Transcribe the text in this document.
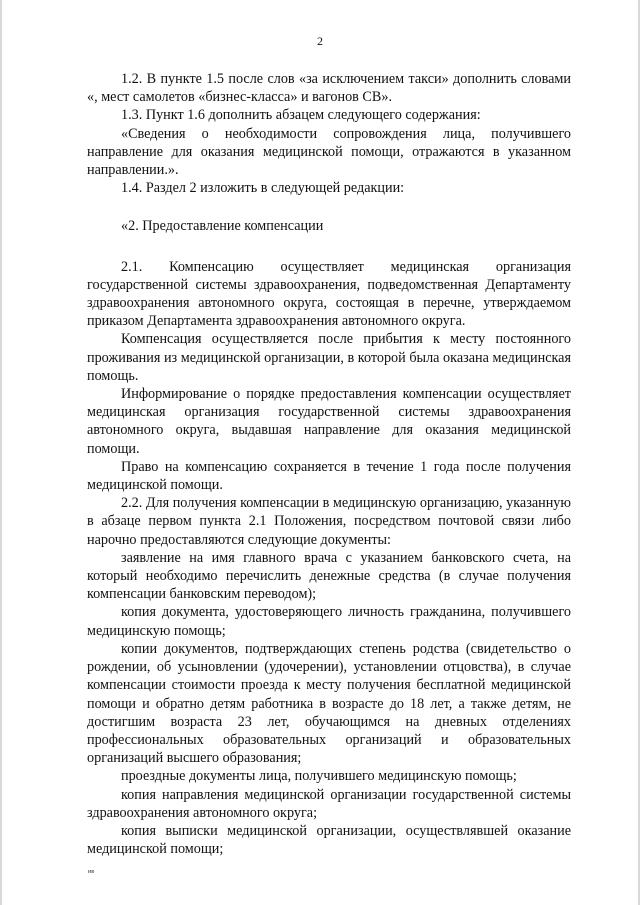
2

1.2. В пункте 1.5 после слов «за исключением такси» дополнить словами «, мест самолетов «бизнес-класса» и вагонов СВ».

1.3. Пункт 1.6 дополнить абзацем следующего содержания:

«Сведения о необходимости сопровождения лица, получившего направление для оказания медицинской помощи, отражаются в указанном направлении.».

1.4. Раздел 2 изложить в следующей редакции:

«2. Предоставление компенсации

2.1. Компенсацию осуществляет медицинская организация государственной системы здравоохранения, подведомственная Департаменту здравоохранения автономного округа, состоящая в перечне, утверждаемом приказом Департамента здравоохранения автономного округа.

Компенсация осуществляется после прибытия к месту постоянного проживания из медицинской организации, в которой была оказана медицинская помощь.

Информирование о порядке предоставления компенсации осуществляет медицинская организация государственной системы здравоохранения автономного округа, выдавшая направление для оказания медицинской помощи.

Право на компенсацию сохраняется в течение 1 года после получения медицинской помощи.

2.2. Для получения компенсации в медицинскую организацию, указанную в абзаце первом пункта 2.1 Положения, посредством почтовой связи либо нарочно предоставляются следующие документы:

заявление на имя главного врача с указанием банковского счета, на который необходимо перечислить денежные средства (в случае получения компенсации банковским переводом);

копия документа, удостоверяющего личность гражданина, получившего медицинскую помощь;

копии документов, подтверждающих степень родства (свидетельство о рождении, об усыновлении (удочерении), установлении отцовства), в случае компенсации стоимости проезда к месту получения бесплатной медицинской помощи и обратно детям работника в возрасте до 18 лет, а также детям, не достигшим возраста 23 лет, обучающимся на дневных отделениях профессиональных образовательных организаций и образовательных организаций высшего образования;

проездные документы лица, получившего медицинскую помощь;

копия направления медицинской организации государственной системы здравоохранения автономного округа;

копия выписки медицинской организации, осуществлявшей оказание медицинской помощи;

нв
